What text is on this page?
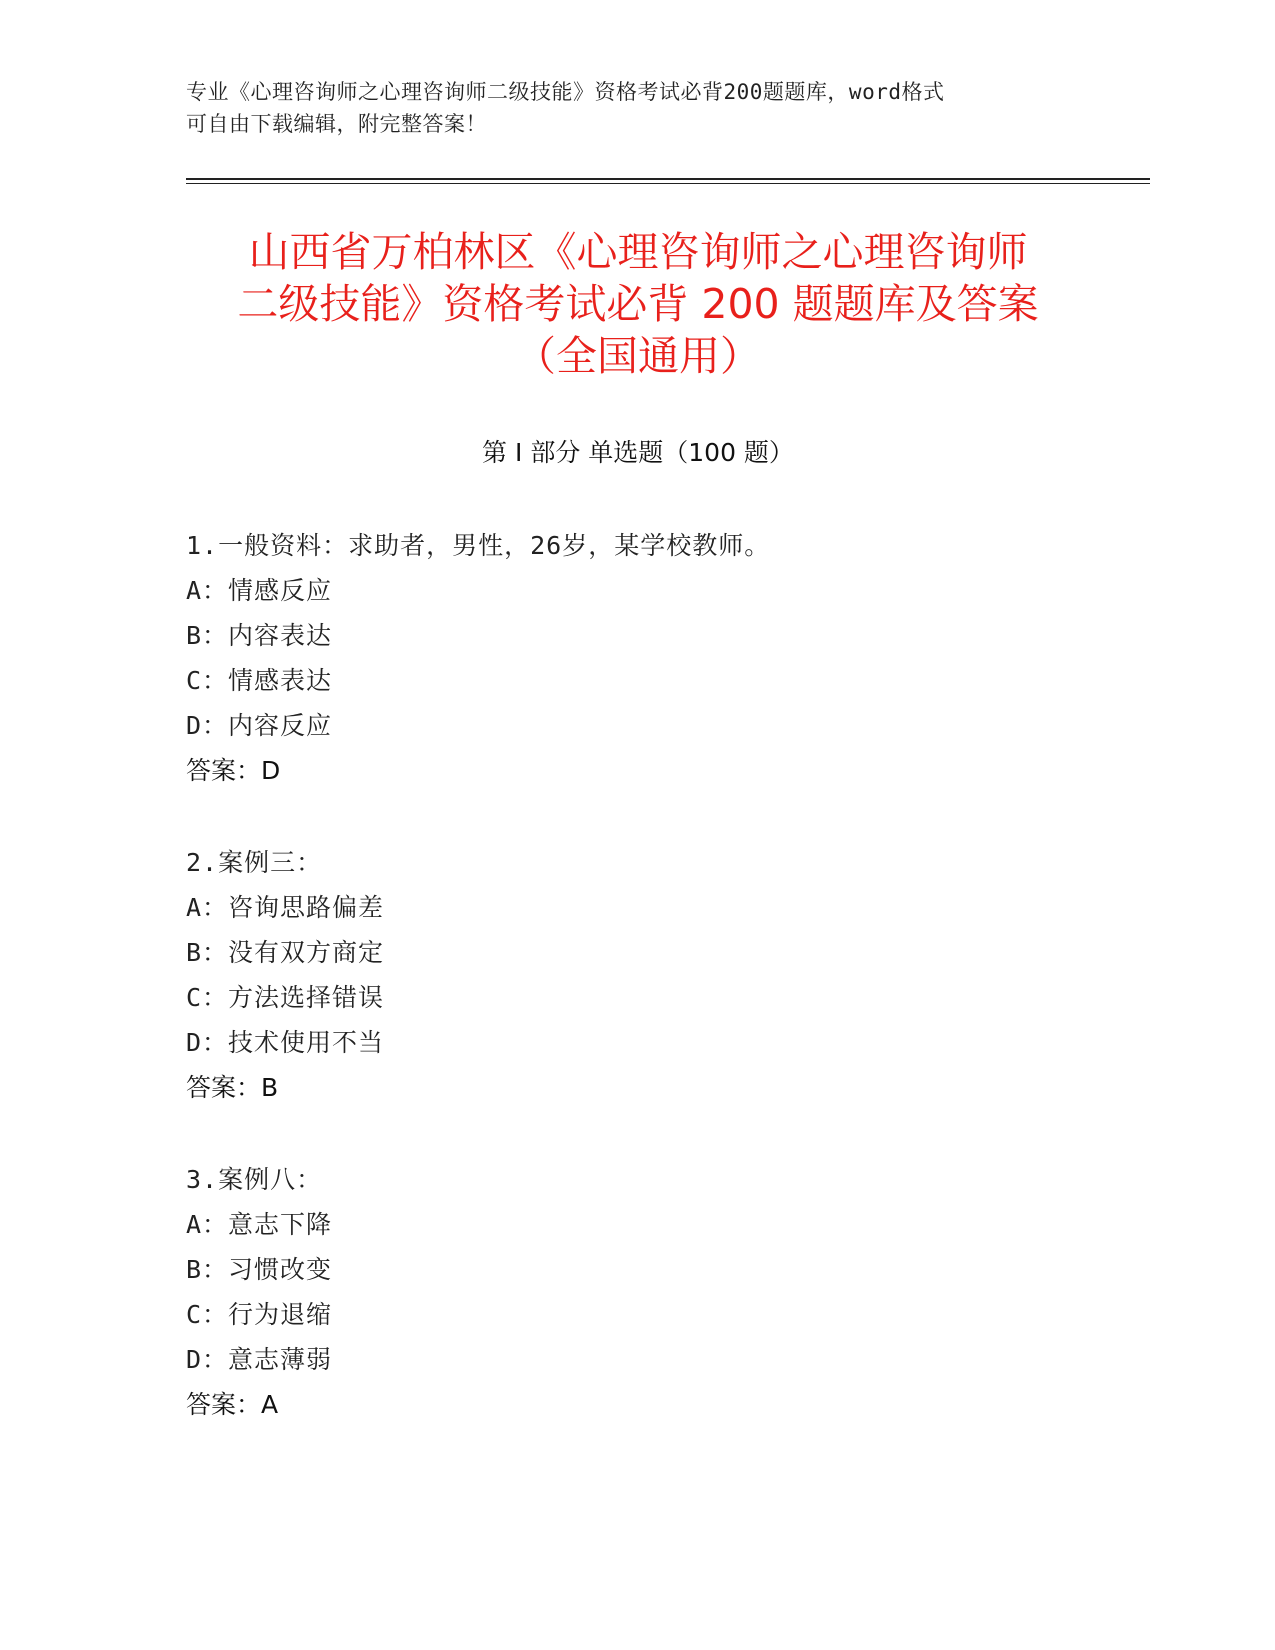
专业《心理咨询师之心理咨询师二级技能》资格考试必背200题题库，word格式
可自由下载编辑，附完整答案！
山西省万柏林区《心理咨询师之心理咨询师
二级技能》资格考试必背 200 题题库及答案
（全国通用）
第 I 部分 单选题（100 题）
1.一般资料：求助者，男性，26岁，某学校教师。
A：情感反应
B：内容表达
C：情感表达
D：内容反应
答案：D
2.案例三：
A：咨询思路偏差
B：没有双方商定
C：方法选择错误
D：技术使用不当
答案：B
3.案例八：
A：意志下降
B：习惯改变
C：行为退缩
D：意志薄弱
答案：A
